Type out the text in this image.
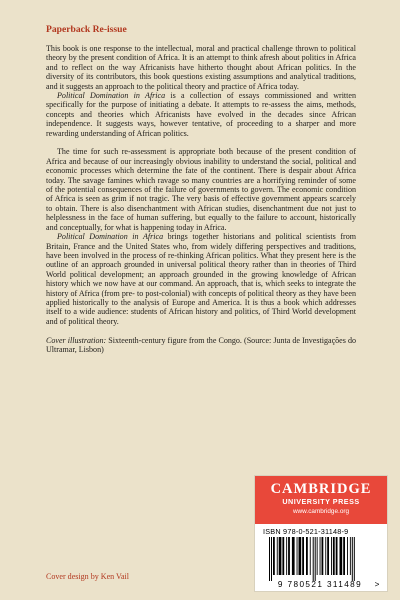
Paperback Re-issue

This book is one response to the intellectual, moral and practical challenge thrown to political theory by the present condition of Africa. It is an attempt to think afresh about politics in Africa and to reflect on the way Africanists have hitherto thought about African politics. In the diversity of its contributors, this book questions existing assumptions and analytical traditions, and it suggests an approach to the political theory and practice of Africa today.

Political Domination in Africa is a collection of essays commissioned and written specifically for the purpose of initiating a debate. It attempts to re-assess the aims, methods, concepts and theories which Africanists have evolved in the decades since African independence. It suggests ways, however tentative, of proceeding to a sharper and more rewarding understanding of African politics.

The time for such re-assessment is appropriate both because of the present condition of Africa and because of our increasingly obvious inability to understand the social, political and economic processes which determine the fate of the continent. There is despair about Africa today. The savage famines which ravage so many countries are a horrifying reminder of some of the potential consequences of the failure of governments to govern. The economic condition of Africa is seen as grim if not tragic. The very basis of effective government appears scarcely to obtain. There is also disenchantment with African studies, disenchantment due not just to helplessness in the face of human suffering, but equally to the failure to account, historically and conceptually, for what is happening today in Africa.

Political Domination in Africa brings together historians and political scientists from Britain, France and the United States who, from widely differing perspectives and traditions, have been involved in the process of re-thinking African politics. What they present here is the outline of an approach grounded in universal political theory rather than in theories of Third World political development; an approach grounded in the growing knowledge of African history which we now have at our command. An approach, that is, which seeks to integrate the history of Africa (from pre- to post-colonial) with concepts of political theory as they have been applied historically to the analysis of Europe and America. It is thus a book which addresses itself to a wide audience: students of African history and politics, of Third World development and of political theory.

Cover illustration: Sixteenth-century figure from the Congo. (Source: Junta de Investigações do Ultramar, Lisbon)

Cover design by Ken Vail

CAMBRIDGE
UNIVERSITY PRESS
www.cambridge.org
ISBN 978-0-521-31148-9
9 780521 311489 >
